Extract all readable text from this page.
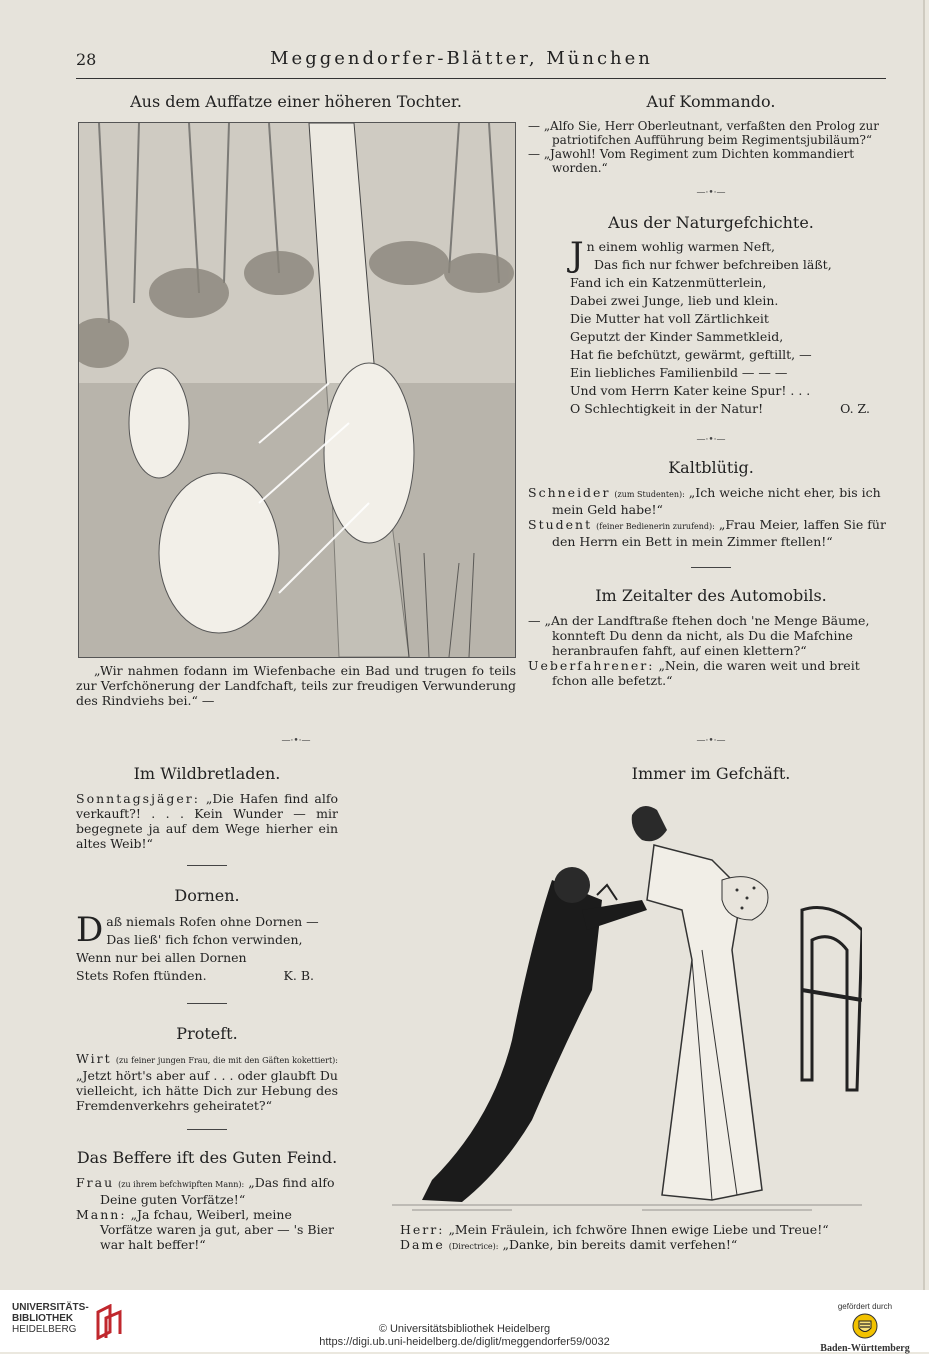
28	Meggendorfer-Blätter, München

Aus dem Auffatze einer höheren Tochter.

„Wir nahmen fodann im Wiefenbache ein Bad und trugen fo teils zur Verfchönerung der Landfchaft, teils zur freudigen Verwunderung des Rindviehs bei.“ —

—·•·—

Im Wildbretladen.

Sonntagsjäger: „Die Hafen find alfo verkauft?! . . . Kein Wunder — mir begegnete ja auf dem Wege hierher ein altes Weib!“

Dornen.

D aß niemals Rofen ohne Dornen —
Das ließ' fich fchon verwinden,
Wenn nur bei allen Dornen
Stets Rofen ftünden.	K. B.

Proteft.

Wirt (zu feiner jungen Frau, die mit den Gäften kokettiert): „Jetzt hört's aber auf . . . oder glaubft Du vielleicht, ich hätte Dich zur Hebung des Fremdenverkehrs geheiratet?“

Das Beffere ift des Guten Feind.

Frau (zu ihrem befchwipften Mann): „Das find alfo Deine guten Vorfätze!“

Mann: „Ja fchau, Weiberl, meine Vorfätze waren ja gut, aber — 's Bier war halt beffer!“

Auf Kommando.

— „Alfo Sie, Herr Oberleutnant, verfaßten den Prolog zur patriotifchen Aufführung beim Regimentsjubiläum?“

— „Jawohl! Vom Regiment zum Dichten kommandiert worden.“

—·•·—

Aus der Naturgefchichte.

J n einem wohlig warmen Neft,
Das fich nur fchwer befchreiben läßt,
Fand ich ein Katzenmütterlein,
Dabei zwei Junge, lieb und klein.
Die Mutter hat voll Zärtlichkeit
Geputzt der Kinder Sammetkleid,
Hat fie befchützt, gewärmt, geftillt, —
Ein liebliches Familienbild — — —
Und vom Herrn Kater keine Spur! . . .
O Schlechtigkeit in der Natur!	O. Z.
—·•·—

Kaltblütig.

Schneider (zum Studenten): „Ich weiche nicht eher, bis ich mein Geld habe!“

Student (feiner Bedienerin zurufend): „Frau Meier, laffen Sie für den Herrn ein Bett in mein Zimmer ftellen!“

Im Zeitalter des Automobils.

— „An der Landftraße ftehen doch 'ne Menge Bäume, konnteft Du denn da nicht, als Du die Mafchine heranbraufen fahft, auf einen klettern?“

Ueberfahrener: „Nein, die waren weit und breit fchon alle befetzt.“

—·•·—

Immer im Gefchäft.

Herr: „Mein Fräulein, ich fchwöre Ihnen ewige Liebe und Treue!“

Dame (Directrice): „Danke, bin bereits damit verfehen!“

UNIVERSITÄTS-
BIBLIOTHEK
HEIDELBERG	© Universitätsbibliothek Heidelberg
https://digi.ub.uni-heidelberg.de/diglit/meggendorfer59/0032
gefördert durch
Baden-Württemberg
